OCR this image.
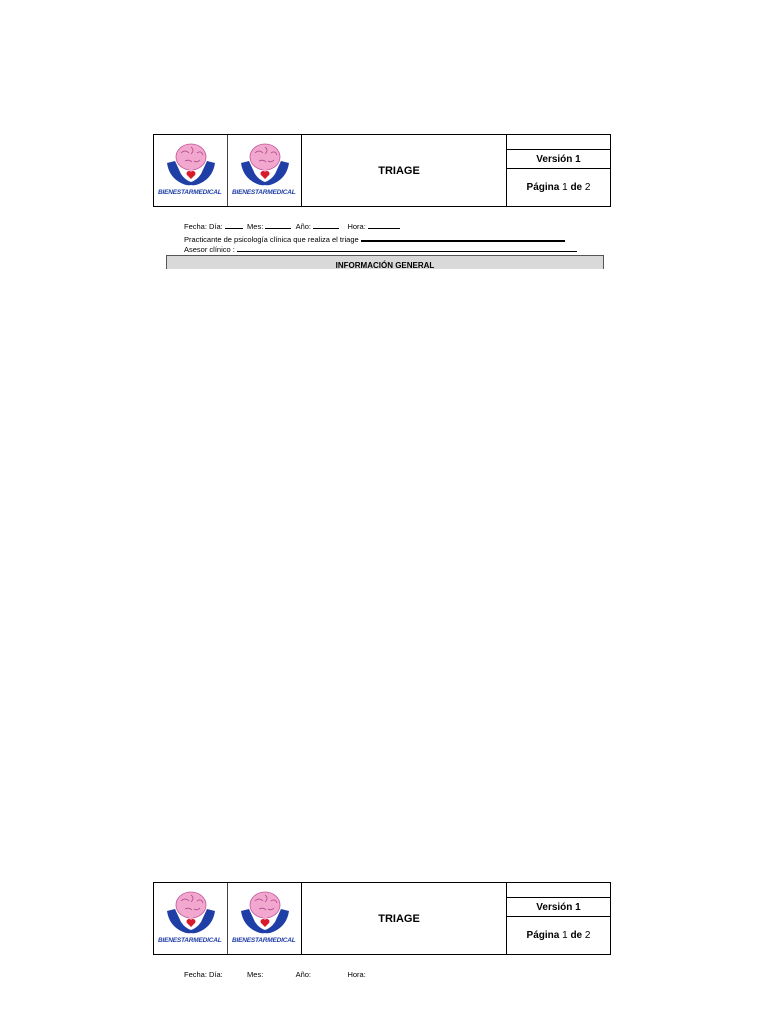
BIENESTARMEDICAL BIENESTARMEDICAL
TRIAGE
Versión 1
Página
1
de
2
Fecha: Día:	Mes:	Año:	Hora:
Practicante de psicología clínica que realiza el triage
Asesor clínico :
INFORMACIÓN GENERAL
BIENESTARMEDICAL BIENESTARMEDICAL
TRIAGE
Versión 1
Página
1
de
2
Fecha: Día:	Mes:	Año:	Hora:
